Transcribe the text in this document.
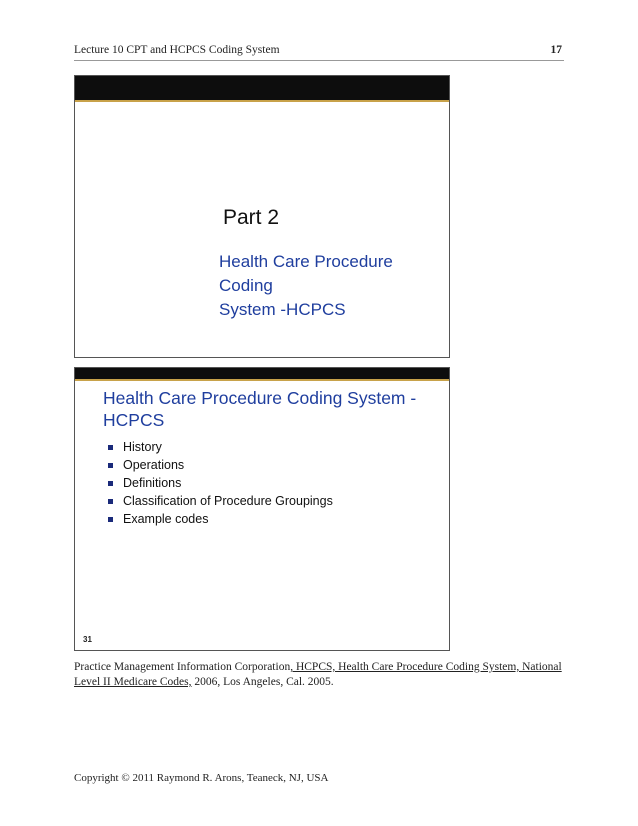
Lecture 10 CPT and HCPCS Coding System	17
Part 2
Health Care Procedure Coding
System -HCPCS
Health Care Procedure Coding System -
HCPCS
History
Operations
Definitions
Classification of Procedure Groupings
Example codes
31
Practice Management Information Corporation, HCPCS, Health Care Procedure Coding System, National Level II Medicare Codes, 2006, Los Angeles, Cal. 2005.
Copyright © 2011 Raymond R. Arons, Teaneck, NJ, USA
